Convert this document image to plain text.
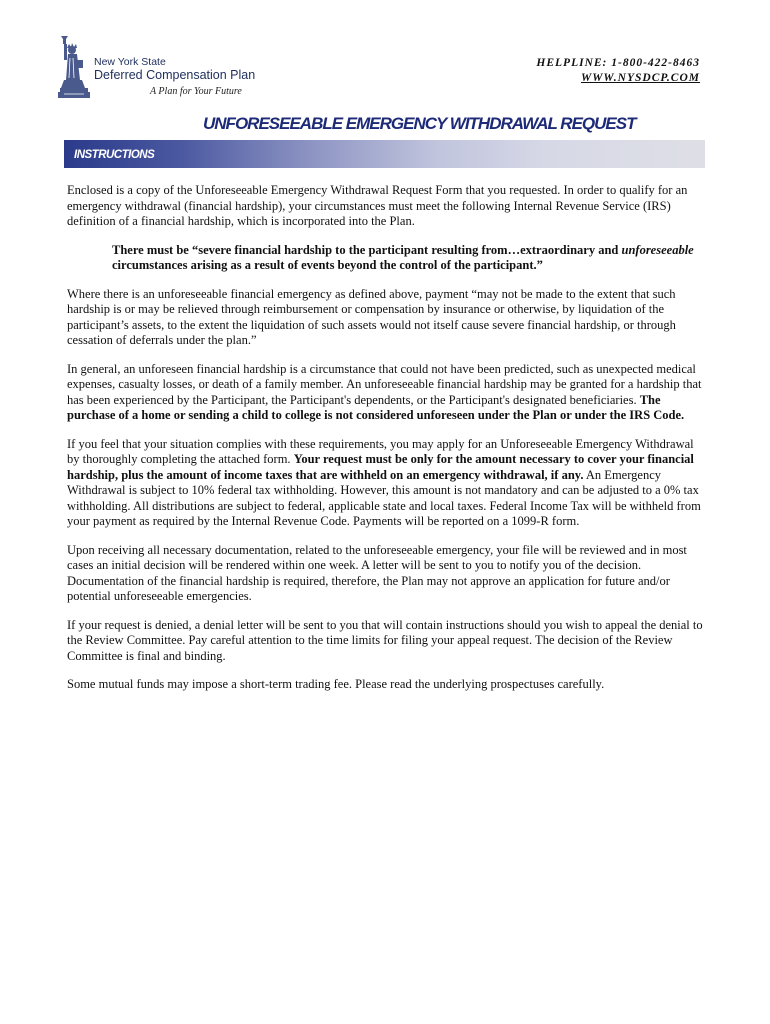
New York State
Deferred Compensation Plan
A Plan for Your Future
HELPLINE: 1-800-422-8463
WWW.NYSDCP.COM
UNFORESEEABLE EMERGENCY WITHDRAWAL REQUEST
INSTRUCTIONS

Enclosed is a copy of the Unforeseeable Emergency Withdrawal Request Form that you requested. In order to qualify for an emergency withdrawal (financial hardship), your circumstances must meet the following Internal Revenue Service (IRS) definition of a financial hardship, which is incorporated into the Plan.

There must be “severe financial hardship to the participant resulting from…extraordinary and unforeseeable circumstances arising as a result of events beyond the control of the participant.”

Where there is an unforeseeable financial emergency as defined above, payment “may not be made to the extent that such hardship is or may be relieved through reimbursement or compensation by insurance or otherwise, by liquidation of the participant’s assets, to the extent the liquidation of such assets would not itself cause severe financial hardship, or through cessation of deferrals under the plan.”

In general, an unforeseen financial hardship is a circumstance that could not have been predicted, such as unexpected medical expenses, casualty losses, or death of a family member. An unforeseeable financial hardship may be granted for a hardship that has been experienced by the Participant, the Participant's dependents, or the Participant's designated beneficiaries. The purchase of a home or sending a child to college is not considered unforeseen under the Plan or under the IRS Code.

If you feel that your situation complies with these requirements, you may apply for an Unforeseeable Emergency Withdrawal by thoroughly completing the attached form. Your request must be only for the amount necessary to cover your financial hardship, plus the amount of income taxes that are withheld on an emergency withdrawal, if any. An Emergency Withdrawal is subject to 10% federal tax withholding. However, this amount is not mandatory and can be adjusted to a 0% tax withholding. All distributions are subject to federal, applicable state and local taxes. Federal Income Tax will be withheld from your payment as required by the Internal Revenue Code. Payments will be reported on a 1099-R form.

Upon receiving all necessary documentation, related to the unforeseeable emergency, your file will be reviewed and in most cases an initial decision will be rendered within one week. A letter will be sent to you to notify you of the decision. Documentation of the financial hardship is required, therefore, the Plan may not approve an application for future and/or potential unforeseeable emergencies.

If your request is denied, a denial letter will be sent to you that will contain instructions should you wish to appeal the denial to the Review Committee. Pay careful attention to the time limits for filing your appeal request. The decision of the Review Committee is final and binding.

Some mutual funds may impose a short-term trading fee. Please read the underlying prospectuses carefully.
